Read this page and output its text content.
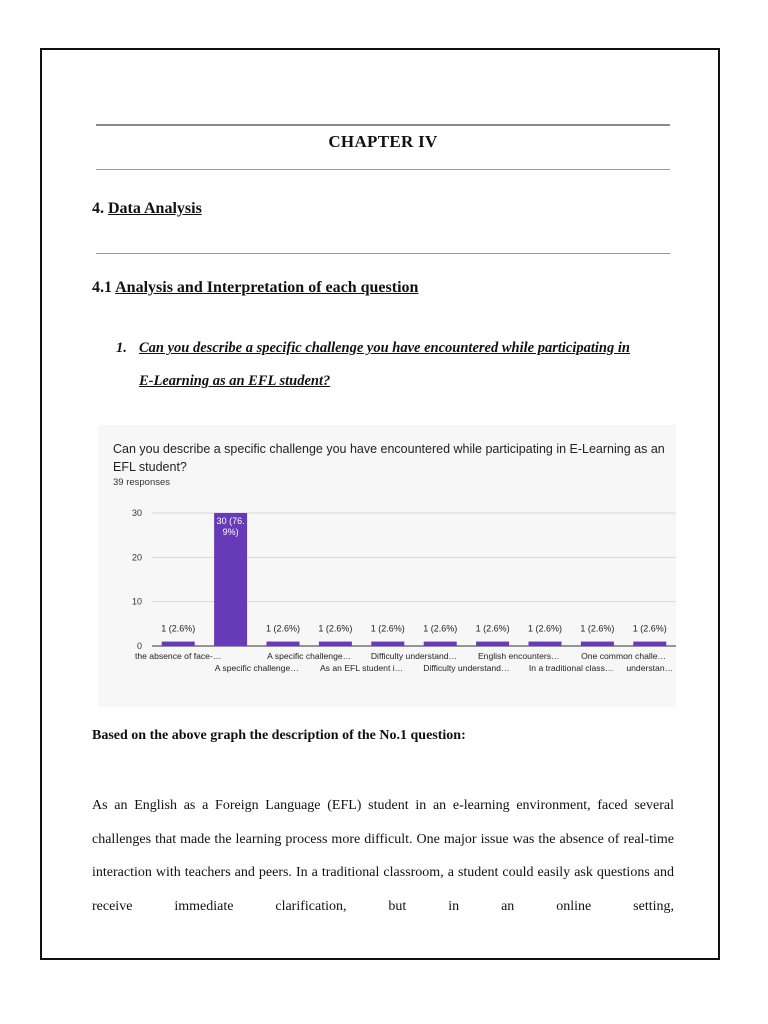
CHAPTER IV
4. Data Analysis
4.1 Analysis and Interpretation of each question
1. Can you describe a specific challenge you have encountered while participating in
E-Learning as an EFL student?
Can you describe a specific challenge you have encountered while participating in E-Learning as an EFL student?
39 responses
0
10
20
30
1 (2.6%)
30 (76.
9%)
1 (2.6%) 1 (2.6%) 1 (2.6%) 1 (2.6%) 1 (2.6%) 1 (2.6%) 1 (2.6%) 1 (2.6%)
the absence of face-…
A specific challenge…
A specific challenge…
As an EFL student i…
Difficulty understand…
Difficulty understand…
English encounters…
In a traditional class…
One common challe…
understan…
Based on the above graph the description of the No.1 question:
As an English as a Foreign Language (EFL) student in an e-learning environment, faced several challenges that made the learning process more difficult. One major issue was the absence of real-time interaction with teachers and peers. In a traditional classroom, a student could easily ask questions and receive immediate clarification, but in an online setting,
